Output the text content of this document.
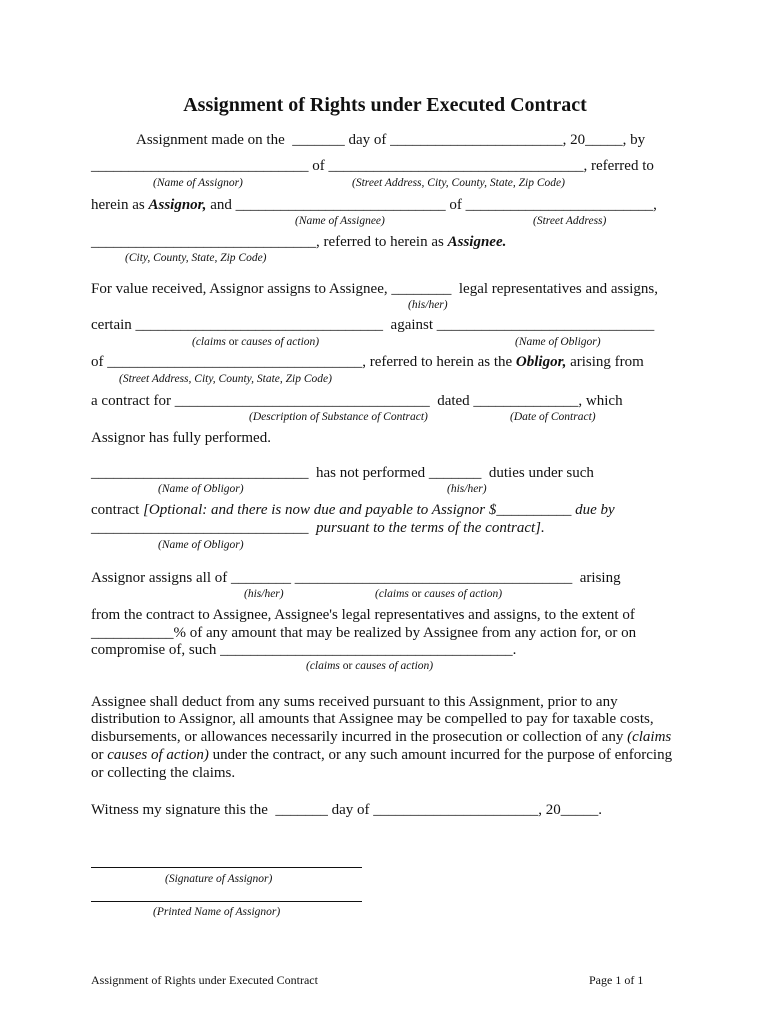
Assignment of Rights under Executed Contract
Assignment made on the  _______ day of _______________________, 20_____, by
_____________________________ of __________________________________, referred to
(Name of Assignor)	(Street Address, City, County, State, Zip Code)
herein as Assignor, and ____________________________ of _________________________,
(Name of Assignee)	(Street Address)
______________________________, referred to herein as Assignee.
(City, County, State, Zip Code)
For value received, Assignor assigns to Assignee, ________  legal representatives and assigns,
(his/her)
certain _________________________________  against _____________________________
(claims or causes of action)	(Name of Obligor)
of __________________________________, referred to herein as the Obligor, arising from
(Street Address, City, County, State, Zip Code)
a contract for __________________________________  dated ______________, which
(Description of Substance of Contract)	(Date of Contract)
Assignor has fully performed.
_____________________________  has not performed _______  duties under such
(Name of Obligor)	(his/her)
contract [Optional: and there is now due and payable to Assignor $__________ due by
_____________________________  pursuant to the terms of the contract].
(Name of Obligor)
Assignor assigns all of ________ _____________________________________  arising
(his/her)	(claims or causes of action)
from the contract to Assignee, Assignee's legal representatives and assigns, to the extent of
___________% of any amount that may be realized by Assignee from any action for, or on
compromise of, such _______________________________________.
(claims or causes of action)
Assignee shall deduct from any sums received pursuant to this Assignment, prior to any
distribution to Assignor, all amounts that Assignee may be compelled to pay for taxable costs,
disbursements, or allowances necessarily incurred in the prosecution or collection of any (claims
or causes of action) under the contract, or any such amount incurred for the purpose of enforcing
or collecting the claims.
Witness my signature this the  _______ day of ______________________, 20_____.
(Signature of Assignor)
(Printed Name of Assignor)
Assignment of Rights under Executed Contract	Page 1 of 1
